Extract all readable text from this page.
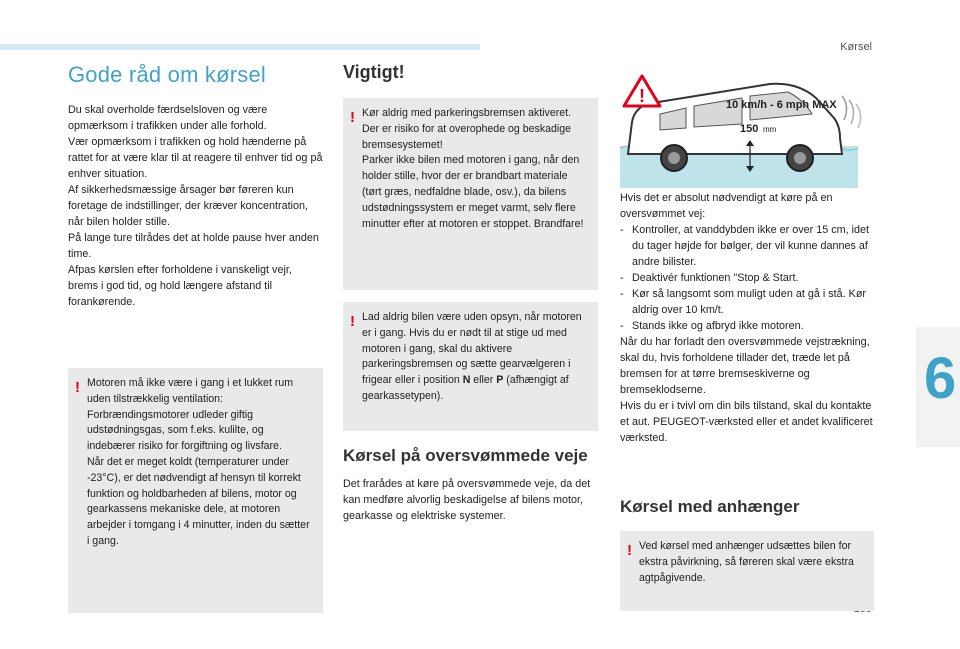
Kørsel
6
Gode råd om kørsel

Du skal overholde færdselsloven og være opmærksom i trafikken under alle forhold.

Vær opmærksom i trafikken og hold hænderne på rattet for at være klar til at reagere til enhver tid og på enhver situation.

Af sikkerhedsmæssige årsager bør føreren kun foretage de indstillinger, der kræver koncentration, når bilen holder stille.

På lange ture tilrådes det at holde pause hver anden time.

Afpas kørslen efter forholdene i vanskeligt vejr, brems i god tid, og hold længere afstand til forankørende.

! Motoren må ikke være i gang i et lukket rum uden tilstrækkelig ventilation: Forbrændingsmotorer udleder giftig udstødningsgas, som f.eks. kulilte, og indebærer risiko for forgiftning og livsfare.

Når det er meget koldt (temperaturer under -23°C), er det nødvendigt af hensyn til korrekt funktion og holdbarheden af bilens, motor og gearkassens mekaniske dele, at motoren arbejder i tomgang i 4 minutter, inden du sætter i gang.

Vigtigt!
! Kør aldrig med parkeringsbremsen aktiveret. Der er risiko for at overophede og beskadige bremsesystemet!

Parker ikke bilen med motoren i gang, når den holder stille, hvor der er brandbart materiale (tørt græs, nedfaldne blade, osv.), da bilens udstødningssystem er meget varmt, selv flere minutter efter at motoren er stoppet. Brandfare!

! Lad aldrig bilen være uden opsyn, når motoren er i gang. Hvis du er nødt til at stige ud med motoren i gang, skal du aktivere parkeringsbremsen og sætte gearvælgeren i frigear eller i position N eller P (afhængigt af gearkassetypen).

Kørsel på oversvømmede veje

Det frarådes at køre på oversvømmede veje, da det kan medføre alvorlig beskadigelse af bilens motor, gearkasse og elektriske systemer.

!	10 km/h - 6 mph MAX
150 mm

Hvis det er absolut nødvendigt at køre på en oversvømmet vej:

- Kontroller, at vanddybden ikke er over 15 cm, idet du tager højde for bølger, der vil kunne dannes af andre bilister.
- Deaktivér funktionen "Stop & Start.
- Kør så langsomt som muligt uden at gå i stå. Kør aldrig over 10 km/t.
- Stands ikke og afbryd ikke motoren.

Når du har forladt den oversvømmede vejstrækning, skal du, hvis forholdene tillader det, træde let på bremsen for at tørre bremseskiverne og bremseklodserne.

Hvis du er i tvivl om din bils tilstand, skal du kontakte et aut. PEUGEOT-værksted eller et andet kvalificeret værksted.

Kørsel med anhænger
! Ved kørsel med anhænger udsættes bilen for ekstra påvirkning, så føreren skal være ekstra agtpågivende.
